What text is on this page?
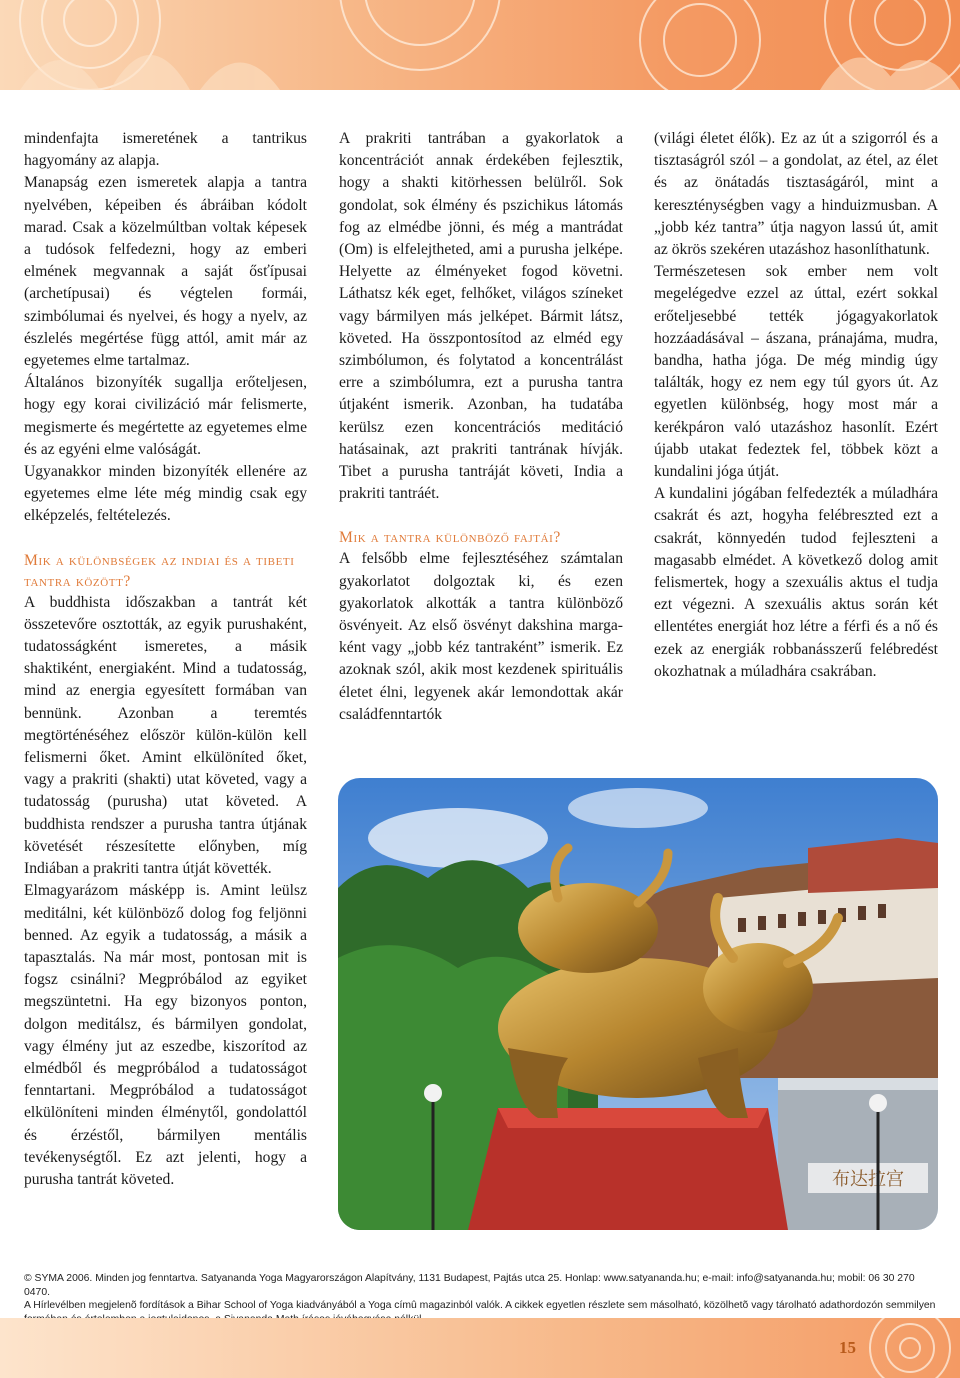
mindenfajta ismeretének a tantrikus hagyomány az alapja.

Manapság ezen ismeretek alapja a tantra nyelvében, képeiben és ábráiban kódolt marad. Csak a közelmúltban voltak képesek a tudósok felfedezni, hogy az emberi elmének megvannak a saját ősťípusai (archetípusai) és végtelen formái, szimbólumai és nyelvei, és hogy a nyelv, az észlelés megértése függ attól, amit már az egyetemes elme tartalmaz.

Általános bizonyíték sugallja erőteljesen, hogy egy korai civilizáció már felismerte, megismerte és megértette az egyetemes elme és az egyéni elme valóságát.

Ugyanakkor minden bizonyíték ellenére az egyetemes elme léte még mindig csak egy elképzelés, feltételezés.

Mik a különbségek az indiai és a tibeti tantra között?

A buddhista időszakban a tantrát két összetevőre osztották, az egyik purushaként, tudatosságként ismeretes, a másik shaktiként, energiaként. Mind a tudatosság, mind az energia egyesített formában van bennünk. Azonban a teremtés megtörténéséhez először külön-külön kell felismerni őket. Amint elkülöníted őket, vagy a prakriti (shakti) utat követed, vagy a tudatosság (purusha) utat követed. A buddhista rendszer a purusha tantra útjának követését részesítette előnyben, míg Indiában a prakriti tantra útját követték.

Elmagyarázom másképp is. Amint leülsz meditálni, két különböző dolog fog feljönni benned. Az egyik a tudatosság, a másik a tapasztalás. Na már most, pontosan mit is fogsz csinálni? Megpróbálod az egyiket megszüntetni. Ha egy bizonyos ponton, dolgon meditálsz, és bármilyen gondolat, vagy élmény jut az eszedbe, kiszorítod az elmédből és megpróbálod a tudatosságot fenntartani. Megpróbálod a tudatosságot elkülöníteni minden élménytől, gondolattól és érzéstől, bármilyen mentális tevékenységtől. Ez azt jelenti, hogy a purusha tantrát követed.

A prakriti tantrában a gyakorlatok a koncentrációt annak érdekében fejlesztik, hogy a shakti kitörhessen belülről. Sok gondolat, sok élmény és pszichikus látomás fog az elmédbe jönni, és még a mantrádat (Om) is elfelejtheted, ami a purusha jelképe. Helyette az élményeket fogod követni. Láthatsz kék eget, felhőket, világos színeket vagy bármilyen más jelképet. Bármit látsz, követed. Ha összpontosítod az elméd egy szimbólumon, és folytatod a koncentrálást erre a szimbólumra, ezt a purusha tantra útjaként ismerik. Azonban, ha tudatába kerülsz ezen koncentrációs meditáció hatásainak, azt prakriti tantrának hívják. Tibet a purusha tantráját követi, India a prakriti tantráét.

Mik a tantra különböző fajtái?

A felsőbb elme fejlesztéséhez számtalan gyakorlatot dolgoztak ki, és ezen gyakorlatok alkották a tantra különböző ösvényeit. Az első ösvényt dakshina marga-ként vagy „jobb kéz tantraként” ismerik. Ez azoknak szól, akik most kezdenek spirituális életet élni, legyenek akár lemondottak akár családfenntartók

(világi életet élők). Ez az út a szigorról és a tisztaságról szól – a gondolat, az étel, az élet és az önátadás tisztaságáról, mint a kereszténységben vagy a hinduizmusban. A „jobb kéz tantra” útja nagyon lassú út, amit az ökrös szekéren utazáshoz hasonlíthatunk.

Természetesen sok ember nem volt megelégedve ezzel az úttal, ezért sokkal erőteljesebbé tették jógagyakorlatok hozzáadásával – ászana, pránajáma, mudra, bandha, hatha jóga. De még mindig úgy találták, hogy ez nem egy túl gyors út. Az egyetlen különbség, hogy most már a kerékpáron való utazáshoz hasonlít. Ezért újabb utakat fedeztek fel, többek közt a kundalini jóga útját.

A kundalini jógában felfedezték a múladhára csakrát és azt, hogyha felébreszted ezt a csakrát, könnyedén tudod fejleszteni a magasabb elmédet. A következő dolog amit felismertek, hogy a szexuális aktus el tudja ezt végezni. A szexuális aktus során két ellentétes energiát hoz létre a férfi és a nő és ezek az energiák robbanásszerű felébredést okozhatnak a múladhára csakrában.

布达拉宫

© SYMA 2006. Minden jog fenntartva. Satyananda Yoga Magyarországon Alapítvány, 1131 Budapest, Pajtás utca 25. Honlap: www.satyananda.hu; e-mail: info@satyananda.hu; mobil: 06 30 270 0470.

A Hírlevélben megjelenõ fordítások a Bihar School of Yoga kiadványából a Yoga címû magazinból valók. A cikkek egyetlen részlete sem másolható, közölhetõ vagy tárolható adathordozón semmilyen

15
